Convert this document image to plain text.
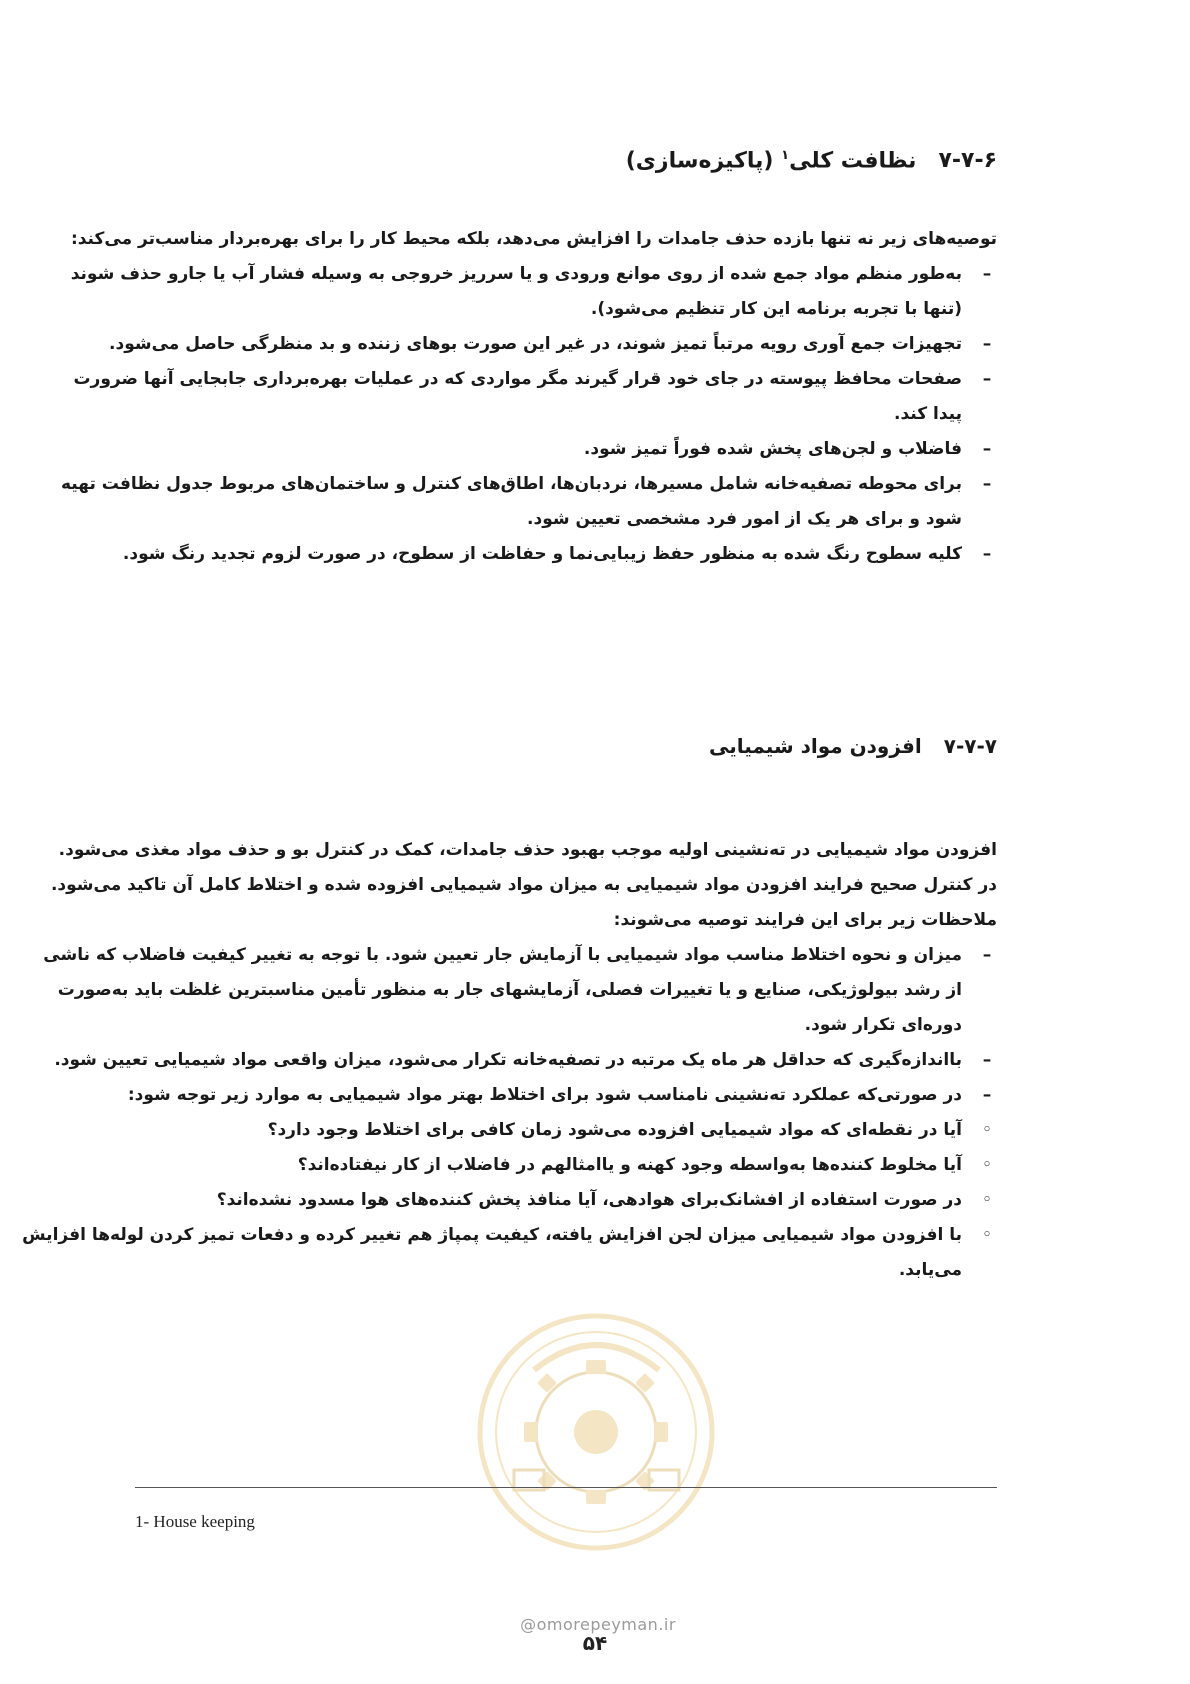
۷-۷-۶نظافت کلی$^۱$ (پاکیزه‌سازی)
توصیه‌های زیر نه تنها بازده حذف جامدات را افزایش می‌دهد، بلکه محیط کار را برای بهره‌بردار مناسب‌تر می‌کند:
–
به‌طور منظم مواد جمع شده از روی موانع ورودی و یا سرریز خروجی به وسیله فشار آب یا جارو حذف شوند
(تنها با تجربه برنامه این کار تنظیم می‌شود).
–
تجهیزات جمع آوری رویه مرتباً تمیز شوند، در غیر این صورت بوهای زننده و بد منظرگی حاصل می‌شود.
–
صفحات محافظ پیوسته در جای خود قرار گیرند مگر مواردی که در عملیات بهره‌برداری جابجایی آنها ضرورت
پیدا کند.
–
فاضلاب و لجن‌های پخش شده فوراً تمیز شود.
–
برای محوطه تصفیه‌خانه شامل مسیرها، نردبان‌ها، اطاق‌های کنترل و ساختمان‌های مربوط جدول نظافت تهیه
شود و برای هر یک از امور فرد مشخصی تعیین شود.
–
کلیه سطوح رنگ شده به منظور حفظ زیبایی‌نما و حفاظت از سطوح، در صورت لزوم تجدید رنگ شود.
۷-۷-۷افزودن مواد شیمیایی
افزودن مواد شیمیایی در ته‌نشینی اولیه موجب بهبود حذف جامدات، کمک در کنترل بو و حذف مواد مغذی می‌شود.
در کنترل صحیح فرایند افزودن مواد شیمیایی به میزان مواد شیمیایی افزوده شده و اختلاط کامل آن تاکید می‌شود.
ملاحظات زیر برای این فرایند توصیه می‌شوند:
–
میزان و نحوه اختلاط مناسب مواد شیمیایی با آزمایش جار تعیین شود. با توجه به تغییر کیفیت فاضلاب که ناشی
از رشد بیولوژیکی، صنایع و یا تغییرات فصلی، آزمایشهای جار به منظور تأمین مناسبترین غلظت باید به‌صورت
دوره‌ای تکرار شود.
–
بااندازه‌گیری که حداقل هر ماه یک مرتبه در تصفیه‌خانه تکرار می‌شود، میزان واقعی مواد شیمیایی تعیین شود.
–
در صورتی‌که عملکرد ته‌نشینی نامناسب شود برای اختلاط بهتر مواد شیمیایی به موارد زیر توجه شود:
◦
آیا در نقطه‌ای که مواد شیمیایی افزوده می‌شود زمان کافی برای اختلاط وجود دارد؟
◦
آیا مخلوط کننده‌ها به‌واسطه وجود کهنه و یاامثالهم در فاضلاب از کار نیفتاده‌اند؟
◦
در صورت استفاده از افشانک‌برای هوادهی، آیا منافذ پخش کننده‌های هوا مسدود نشده‌اند؟
◦
با افزودن مواد شیمیایی میزان لجن افزایش یافته، کیفیت پمپاژ هم تغییر کرده و دفعات تمیز کردن لوله‌ها افزایش
می‌یابد.
1- House keeping
@omorepeyman.ir
۵۴
